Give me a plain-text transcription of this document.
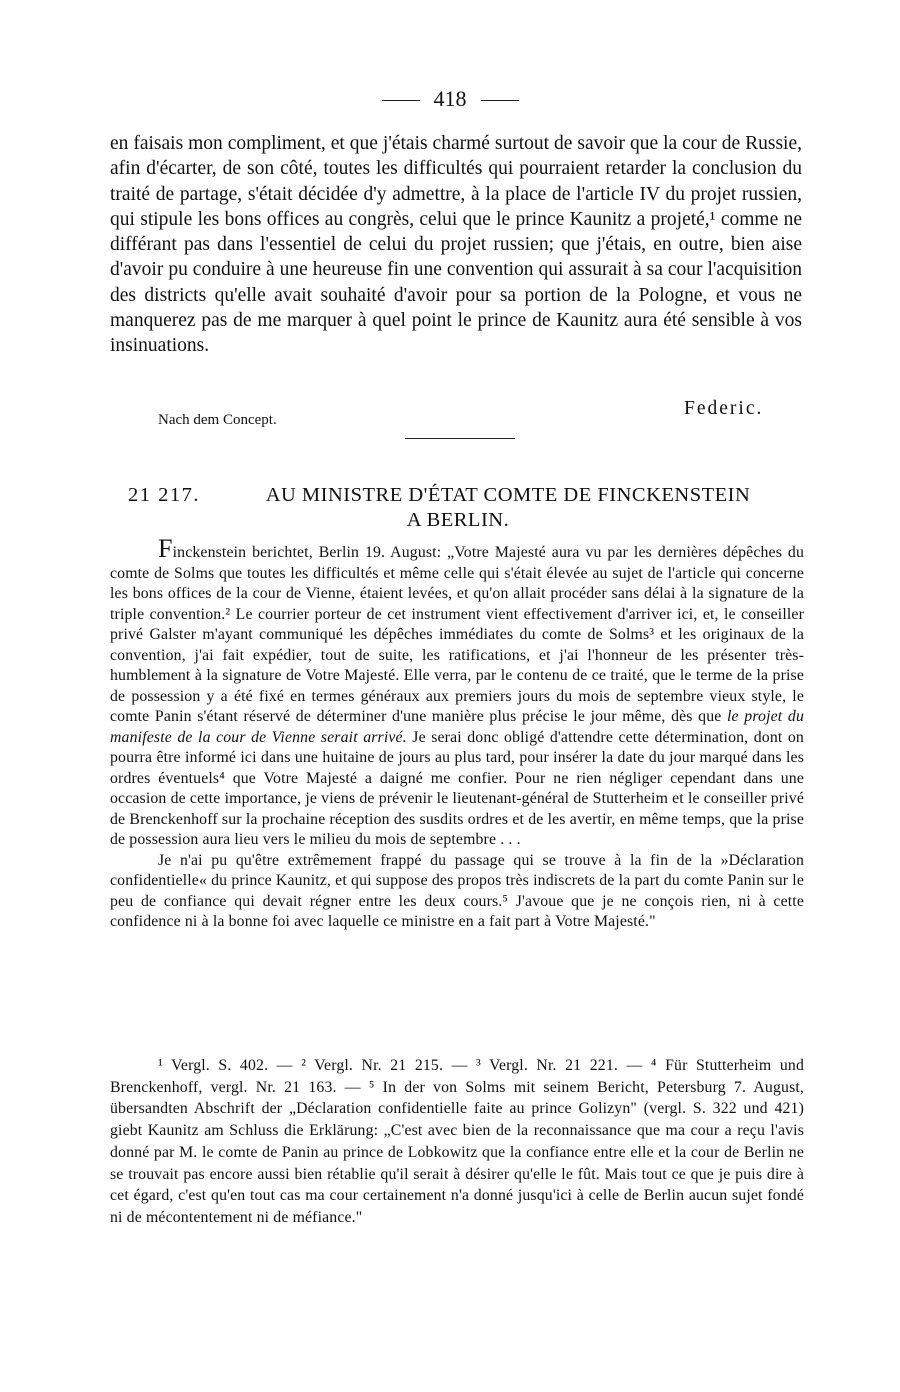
418

en faisais mon compliment, et que j'étais charmé surtout de savoir que la cour de Russie, afin d'écarter, de son côté, toutes les difficultés qui pourraient retarder la conclusion du traité de partage, s'était décidée d'y admettre, à la place de l'article IV du projet russien, qui stipule les bons offices au congrès, celui que le prince Kaunitz a projeté,¹ comme ne différant pas dans l'essentiel de celui du projet russien; que j'étais, en outre, bien aise d'avoir pu conduire à une heureuse fin une convention qui assurait à sa cour l'acquisition des districts qu'elle avait souhaité d'avoir pour sa portion de la Pologne, et vous ne manquerez pas de me marquer à quel point le prince de Kaunitz aura été sensible à vos insinuations.

Federic.
Nach dem Concept.
21 217.	AU MINISTRE D'ÉTAT COMTE DE FINCKENSTEIN
A BERLIN.

Finckenstein berichtet, Berlin 19. August: „Votre Majesté aura vu par les dernières dépêches du comte de Solms que toutes les difficultés et même celle qui s'était élevée au sujet de l'article qui concerne les bons offices de la cour de Vienne, étaient levées, et qu'on allait procéder sans délai à la signature de la triple convention.² Le courrier porteur de cet instrument vient effectivement d'arriver ici, et, le conseiller privé Galster m'ayant communiqué les dépêches immédiates du comte de Solms³ et les originaux de la convention, j'ai fait expédier, tout de suite, les ratifications, et j'ai l'honneur de les présenter très-humblement à la signature de Votre Majesté. Elle verra, par le contenu de ce traité, que le terme de la prise de possession y a été fixé en termes généraux aux premiers jours du mois de septembre vieux style, le comte Panin s'étant réservé de déterminer d'une manière plus précise le jour même, dès que le projet du manifeste de la cour de Vienne serait arrivé. Je serai donc obligé d'attendre cette détermination, dont on pourra être informé ici dans une huitaine de jours au plus tard, pour insérer la date du jour marqué dans les ordres éventuels⁴ que Votre Majesté a daigné me confier. Pour ne rien négliger cependant dans une occasion de cette importance, je viens de prévenir le lieutenant-général de Stutterheim et le conseiller privé de Brenckenhoff sur la prochaine réception des susdits ordres et de les avertir, en même temps, que la prise de possession aura lieu vers le milieu du mois de septembre . . .

Je n'ai pu qu'être extrêmement frappé du passage qui se trouve à la fin de la »Déclaration confidentielle« du prince Kaunitz, et qui suppose des propos très indiscrets de la part du comte Panin sur le peu de confiance qui devait régner entre les deux cours.⁵ J'avoue que je ne conçois rien, ni à cette confidence ni à la bonne foi avec laquelle ce ministre en a fait part à Votre Majesté."

¹ Vergl. S. 402. — ² Vergl. Nr. 21 215. — ³ Vergl. Nr. 21 221. — ⁴ Für Stutterheim und Brenckenhoff, vergl. Nr. 21 163. — ⁵ In der von Solms mit seinem Bericht, Petersburg 7. August, übersandten Abschrift der „Déclaration confidentielle faite au prince Golizyn" (vergl. S. 322 und 421) giebt Kaunitz am Schluss die Erklärung: „C'est avec bien de la reconnaissance que ma cour a reçu l'avis donné par M. le comte de Panin au prince de Lobkowitz que la confiance entre elle et la cour de Berlin ne se trouvait pas encore aussi bien rétablie qu'il serait à désirer qu'elle le fût. Mais tout ce que je puis dire à cet égard, c'est qu'en tout cas ma cour certainement n'a donné jusqu'ici à celle de Berlin aucun sujet fondé ni de mécontentement ni de méfiance."
